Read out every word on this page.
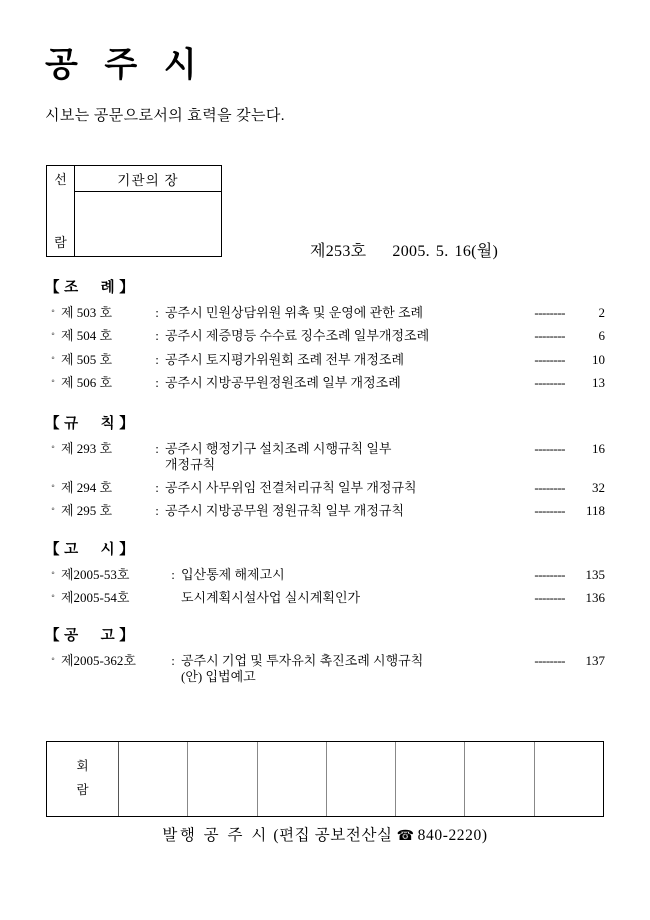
공 주 시
시보는 공문으로서의 효력을 갖는다.
선
람
기관의 장
제253호 2005. 5. 16(월)
【 조 례 】
◦ 제 503 호	: 공주시 민원상담위원 위촉 및 운영에 관한 조례	--------	2
◦ 제 504 호	: 공주시 제증명등 수수료 징수조례 일부개정조례	--------	6
◦ 제 505 호	: 공주시 토지평가위원회 조례 전부 개정조례	--------	10
◦ 제 506 호	: 공주시 지방공무원정원조례 일부 개정조례	--------	13
【 규 칙 】
◦ 제 293 호	: 공주시 행정기구 설치조례 시행규칙 일부
개정규칙
--------	16
◦ 제 294 호	: 공주시 사무위임 전결처리규칙 일부 개정규칙	--------	32
◦ 제 295 호	: 공주시 지방공무원 정원규칙 일부 개정규칙	--------	118
【 고 시 】
◦ 제2005-53호	: 입산통제 해제고시	--------	135
◦ 제2005-54호	도시계획시설사업 실시계획인가	--------	136
【 공 고 】
◦ 제2005-362호	: 공주시 기업 및 투자유치 촉진조례 시행규칙
(안) 입법예고
--------	137
회
람
발행 공 주 시 (편집 공보전산실 ☎ 840-2220)
